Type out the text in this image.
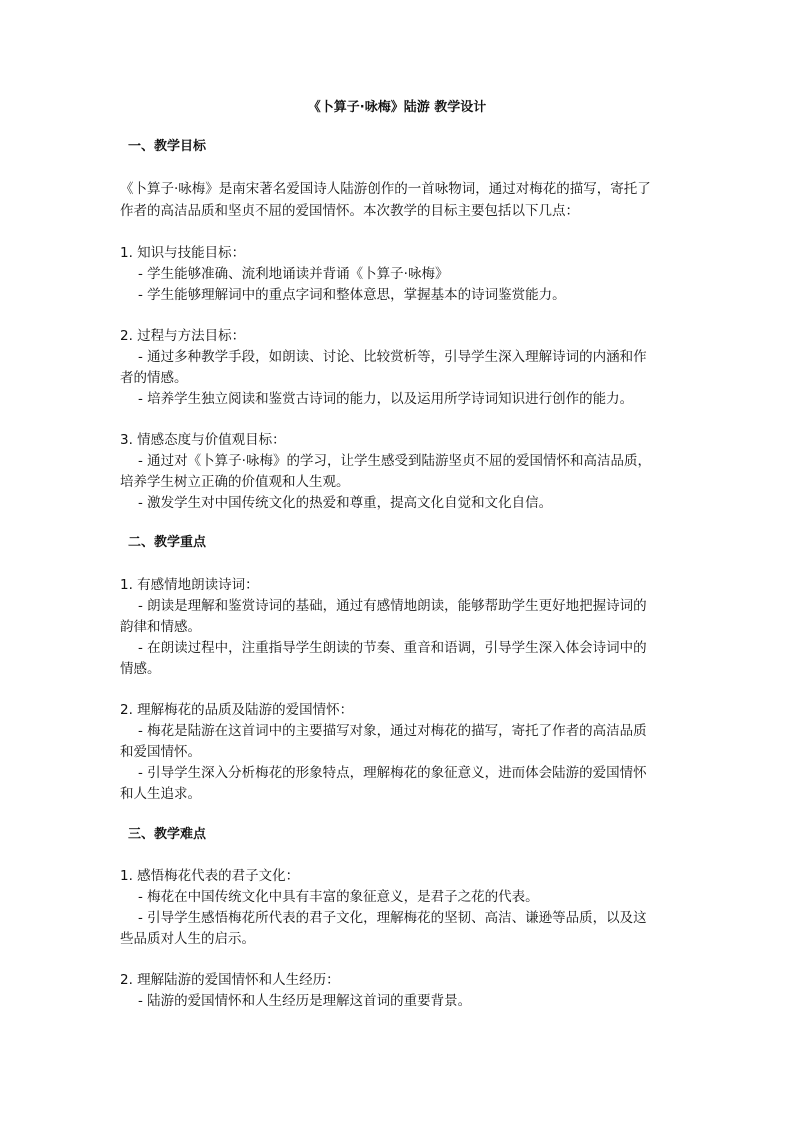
《卜算子·咏梅》陆游 教学设计
一、教学目标
《卜算子·咏梅》是南宋著名爱国诗人陆游创作的一首咏物词，通过对梅花的描写，寄托了
作者的高洁品质和坚贞不屈的爱国情怀。本次教学的目标主要包括以下几点：
1. 知识与技能目标：
- 学生能够准确、流利地诵读并背诵《卜算子·咏梅》
- 学生能够理解词中的重点字词和整体意思，掌握基本的诗词鉴赏能力。
2. 过程与方法目标：
- 通过多种教学手段，如朗读、讨论、比较赏析等，引导学生深入理解诗词的内涵和作
者的情感。
- 培养学生独立阅读和鉴赏古诗词的能力，以及运用所学诗词知识进行创作的能力。
3. 情感态度与价值观目标：
- 通过对《卜算子·咏梅》的学习，让学生感受到陆游坚贞不屈的爱国情怀和高洁品质，
培养学生树立正确的价值观和人生观。
- 激发学生对中国传统文化的热爱和尊重，提高文化自觉和文化自信。
二、教学重点
1. 有感情地朗读诗词：
- 朗读是理解和鉴赏诗词的基础，通过有感情地朗读，能够帮助学生更好地把握诗词的
韵律和情感。
- 在朗读过程中，注重指导学生朗读的节奏、重音和语调，引导学生深入体会诗词中的
情感。
2. 理解梅花的品质及陆游的爱国情怀：
- 梅花是陆游在这首词中的主要描写对象，通过对梅花的描写，寄托了作者的高洁品质
和爱国情怀。
- 引导学生深入分析梅花的形象特点，理解梅花的象征意义，进而体会陆游的爱国情怀
和人生追求。
三、教学难点
1. 感悟梅花代表的君子文化：
- 梅花在中国传统文化中具有丰富的象征意义，是君子之花的代表。
- 引导学生感悟梅花所代表的君子文化，理解梅花的坚韧、高洁、谦逊等品质，以及这
些品质对人生的启示。
2. 理解陆游的爱国情怀和人生经历：
- 陆游的爱国情怀和人生经历是理解这首词的重要背景。
